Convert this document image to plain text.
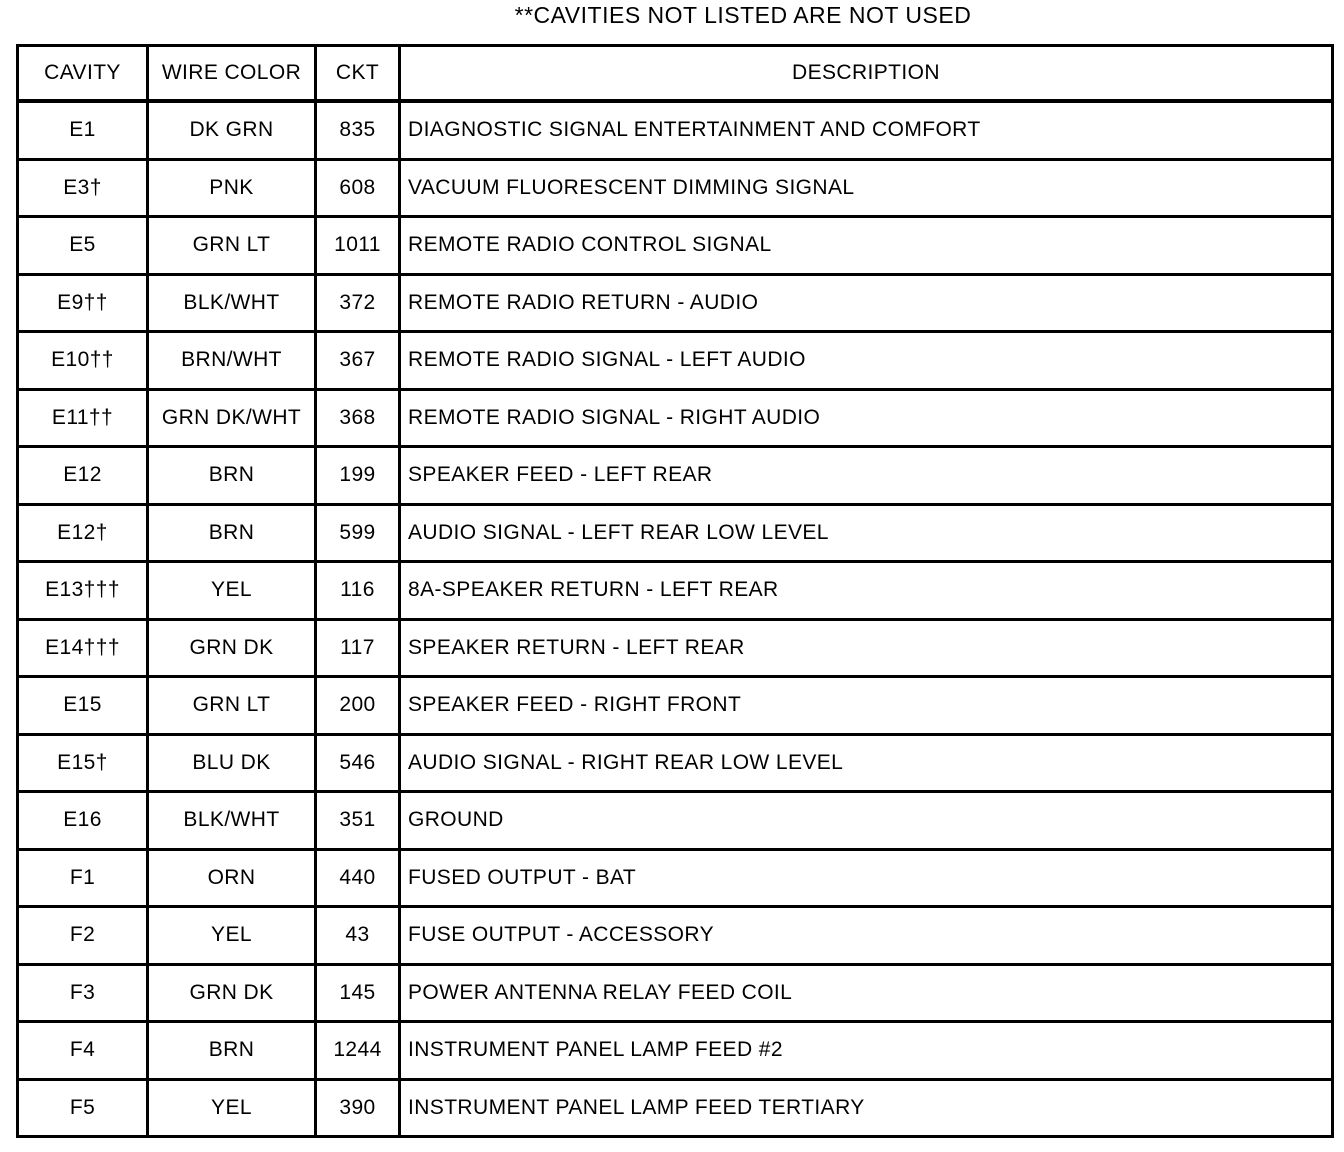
**CAVITIES NOT LISTED ARE NOT USED
CAVITY	WIRE COLOR	CKT	DESCRIPTION
E1	DK GRN	835	DIAGNOSTIC SIGNAL ENTERTAINMENT AND COMFORT
E3†	PNK	608	VACUUM FLUORESCENT DIMMING SIGNAL
E5	GRN LT	1011	REMOTE RADIO CONTROL SIGNAL
E9††	BLK/WHT	372	REMOTE RADIO RETURN - AUDIO
E10††	BRN/WHT	367	REMOTE RADIO SIGNAL - LEFT AUDIO
E11††	GRN DK/WHT	368	REMOTE RADIO SIGNAL - RIGHT AUDIO
E12	BRN	199	SPEAKER FEED - LEFT REAR
E12†	BRN	599	AUDIO SIGNAL - LEFT REAR LOW LEVEL
E13†††	YEL	116	8A-SPEAKER RETURN - LEFT REAR
E14†††	GRN DK	117	SPEAKER RETURN - LEFT REAR
E15	GRN LT	200	SPEAKER FEED - RIGHT FRONT
E15†	BLU DK	546	AUDIO SIGNAL - RIGHT REAR LOW LEVEL
E16	BLK/WHT	351	GROUND
F1	ORN	440	FUSED OUTPUT - BAT
F2	YEL	43	FUSE OUTPUT - ACCESSORY
F3	GRN DK	145	POWER ANTENNA RELAY FEED COIL
F4	BRN	1244	INSTRUMENT PANEL LAMP FEED #2
F5	YEL	390	INSTRUMENT PANEL LAMP FEED TERTIARY
